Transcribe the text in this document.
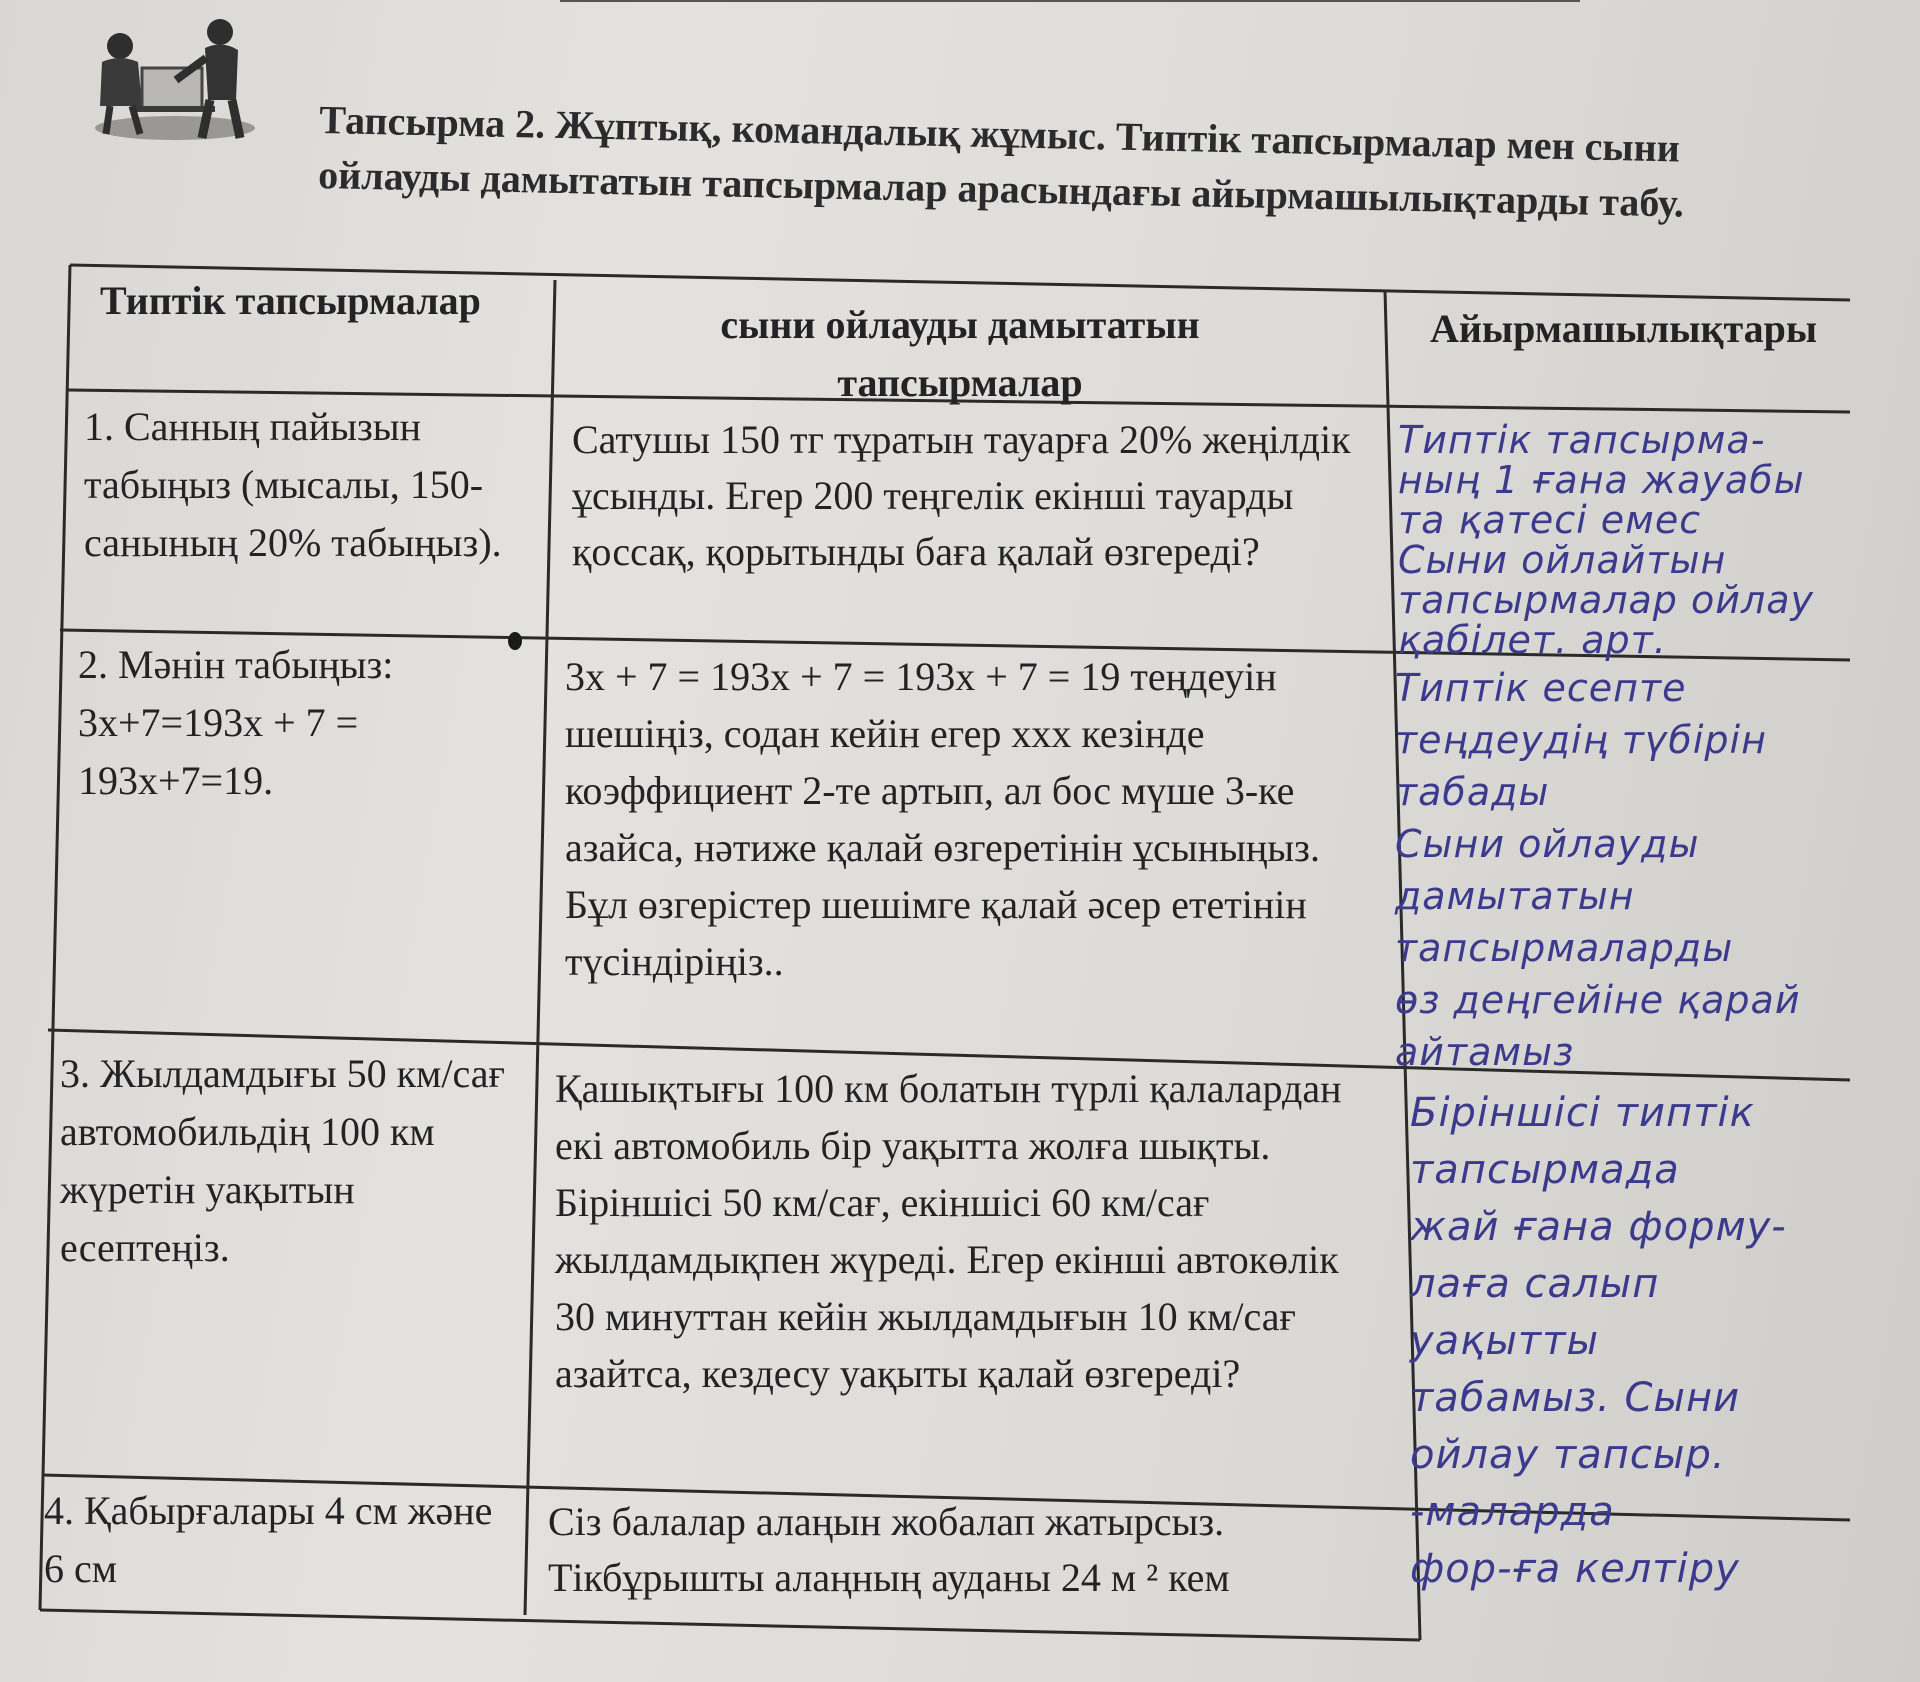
Тапсырма 2. Жұптық, командалық жұмыс. Типтік тапсырмалар мен сыни
ойлауды дамытатын тапсырмалар арасындағы айырмашылықтарды табу.
Типтік тапсырмалар
сыни ойлауды дамытатын тапсырмалар
Айырмашылықтары
1. Санның пайызын табыңыз (мысалы, 150-санының 20% табыңыз).
Сатушы 150 тг тұратын тауарға 20% жеңілдік ұсынды. Егер 200 теңгелік екінші тауарды қоссақ, қорытынды баға қалай өзгереді?
2. Мәнін табыңыз: 3x+7=193x + 7 = 193x+7=19.
3x + 7 = 193x + 7 = 193x + 7 = 19 теңдеуін шешіңіз, содан кейін егер xxx кезінде коэффициент 2-те артып, ал бос мүше 3-ке азайса, нәтиже қалай өзгеретінін ұсыныңыз. Бұл өзгерістер шешімге қалай әсер ететінін түсіндіріңіз..
3. Жылдамдығы 50 км/сағ автомобильдің 100 км жүретін уақытын есептеңіз.
Қашықтығы 100 км болатын түрлі қалалардан екі автомобиль бір уақытта жолға шықты. Біріншісі 50 км/сағ, екіншісі 60 км/сағ жылдамдықпен жүреді. Егер екінші автокөлік 30 минуттан кейін жылдамдығын 10 км/сағ азайтса, кездесу уақыты қалай өзгереді?
4. Қабырғалары 4 см және 6 см
Сіз балалар алаңын жобалап жатырсыз. Тікбұрышты алаңның ауданы 24 м ² кем
Типтік тапсырма-
ның 1 ғана жауабы
та қатесі емес
Сыни ойлайтын
тапсырмалар ойлау
қабілет. арт.
Типтік есепте
теңдеудің түбірін табады
Сыни ойлауды
дамытатын
тапсырмаларды
өз деңгейіне қарай
айтамыз
Біріншісі типтік
тапсырмада
жай ғана форму-
лаға салып
уақытты
табамыз. Сыни
ойлау тапсыр.
-маларда
фор-ға келтіру
